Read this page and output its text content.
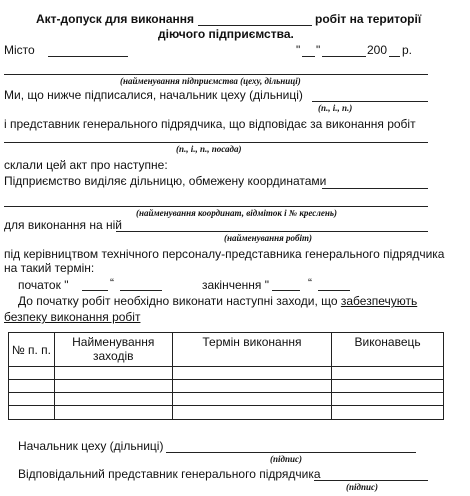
Акт-допуск для виконання	робіт на території
діючого підприємства.
Місто	" "	200 р.
(найменування підприємства (цеху, дільниці)
Ми, що нижче підписалися, начальник цеху (дільниці)
(п., і., п.)
і представник генерального підрядчика, що відповідає за виконання робіт
(п., і., п., посада)
склали цей акт про наступне:
Підприємство виділяє дільницю, обмежену координатами
(найменування координат, відміток і № креслень)
для виконання на ній
(найменування робіт)
під керівництвом технічного персоналу-представника генерального підрядчика
на такий термін:
початок "	“	закінчення "	“
До початку робіт необхідно виконати наступні заходи, що забезпечують
безпеку виконання робіт
№ п. п.	Найменування заходів	Термін виконання	Виконавець

Начальник цеху (дільниці)
(підпис)
Відповідальний представник генерального підрядчика
(підпис)
